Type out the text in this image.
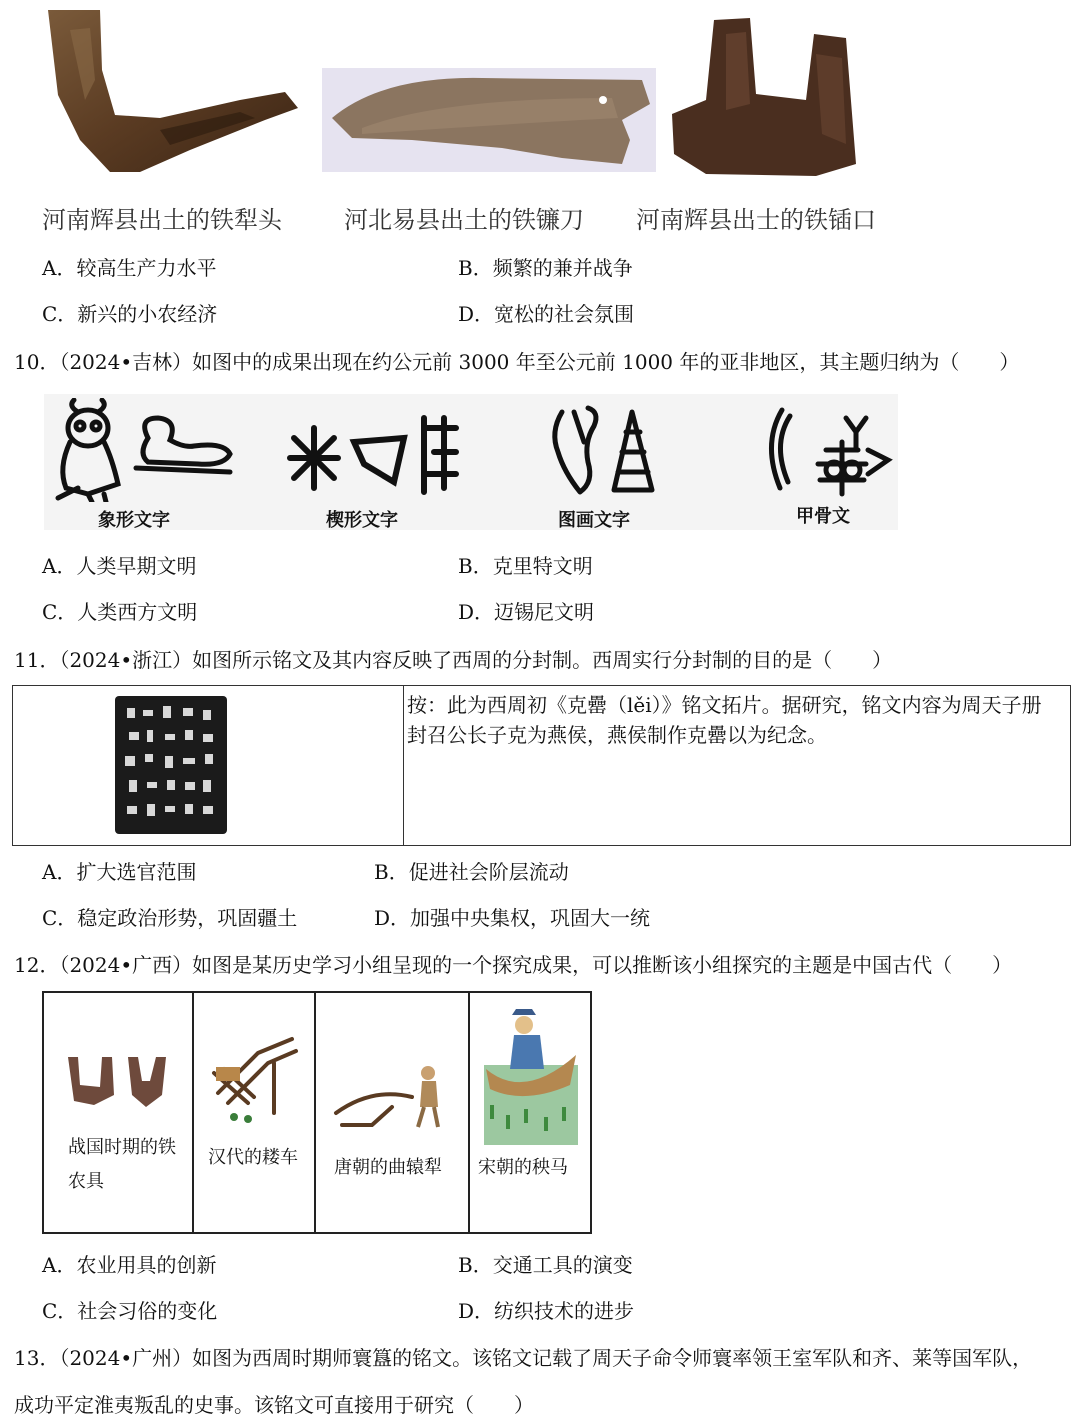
河南辉县出土的铁犁头	河北易县出土的铁镰刀 河南辉县出士的铁锸口
A．较高生产力水平	B．频繁的兼并战争
C．新兴的小农经济	D．宽松的社会氛围
10．（2024•吉林）如图中的成果出现在约公元前 3000 年至公元前 1000 年的亚非地区，其主题归纳为（　　）
象形文字	楔形文字	图画文字	甲骨文
A．人类早期文明	B．克里特文明
C．人类西方文明	D．迈锡尼文明
11．（2024•浙江）如图所示铭文及其内容反映了西周的分封制。西周实行分封制的目的是（　　）
按：此为西周初《克罍（lěi）》铭文拓片。据研究，铭文内容为周天子册
封召公长子克为燕侯，燕侯制作克罍以为纪念。
A．扩大选官范围	B．促进社会阶层流动
C．稳定政治形势，巩固疆土	D．加强中央集权，巩固大一统
12．（2024•广西）如图是某历史学习小组呈现的一个探究成果，可以推断该小组探究的主题是中国古代（　　）
战国时期的铁
农具
汉代的耧车 唐朝的曲辕犁 宋朝的秧马
A．农业用具的创新	B．交通工具的演变
C．社会习俗的变化	D．纺织技术的进步
13．（2024•广州）如图为西周时期师寰簋的铭文。该铭文记载了周天子命令师寰率领王室军队和齐、莱等国军队，
成功平定淮夷叛乱的史事。该铭文可直接用于研究（　　）
